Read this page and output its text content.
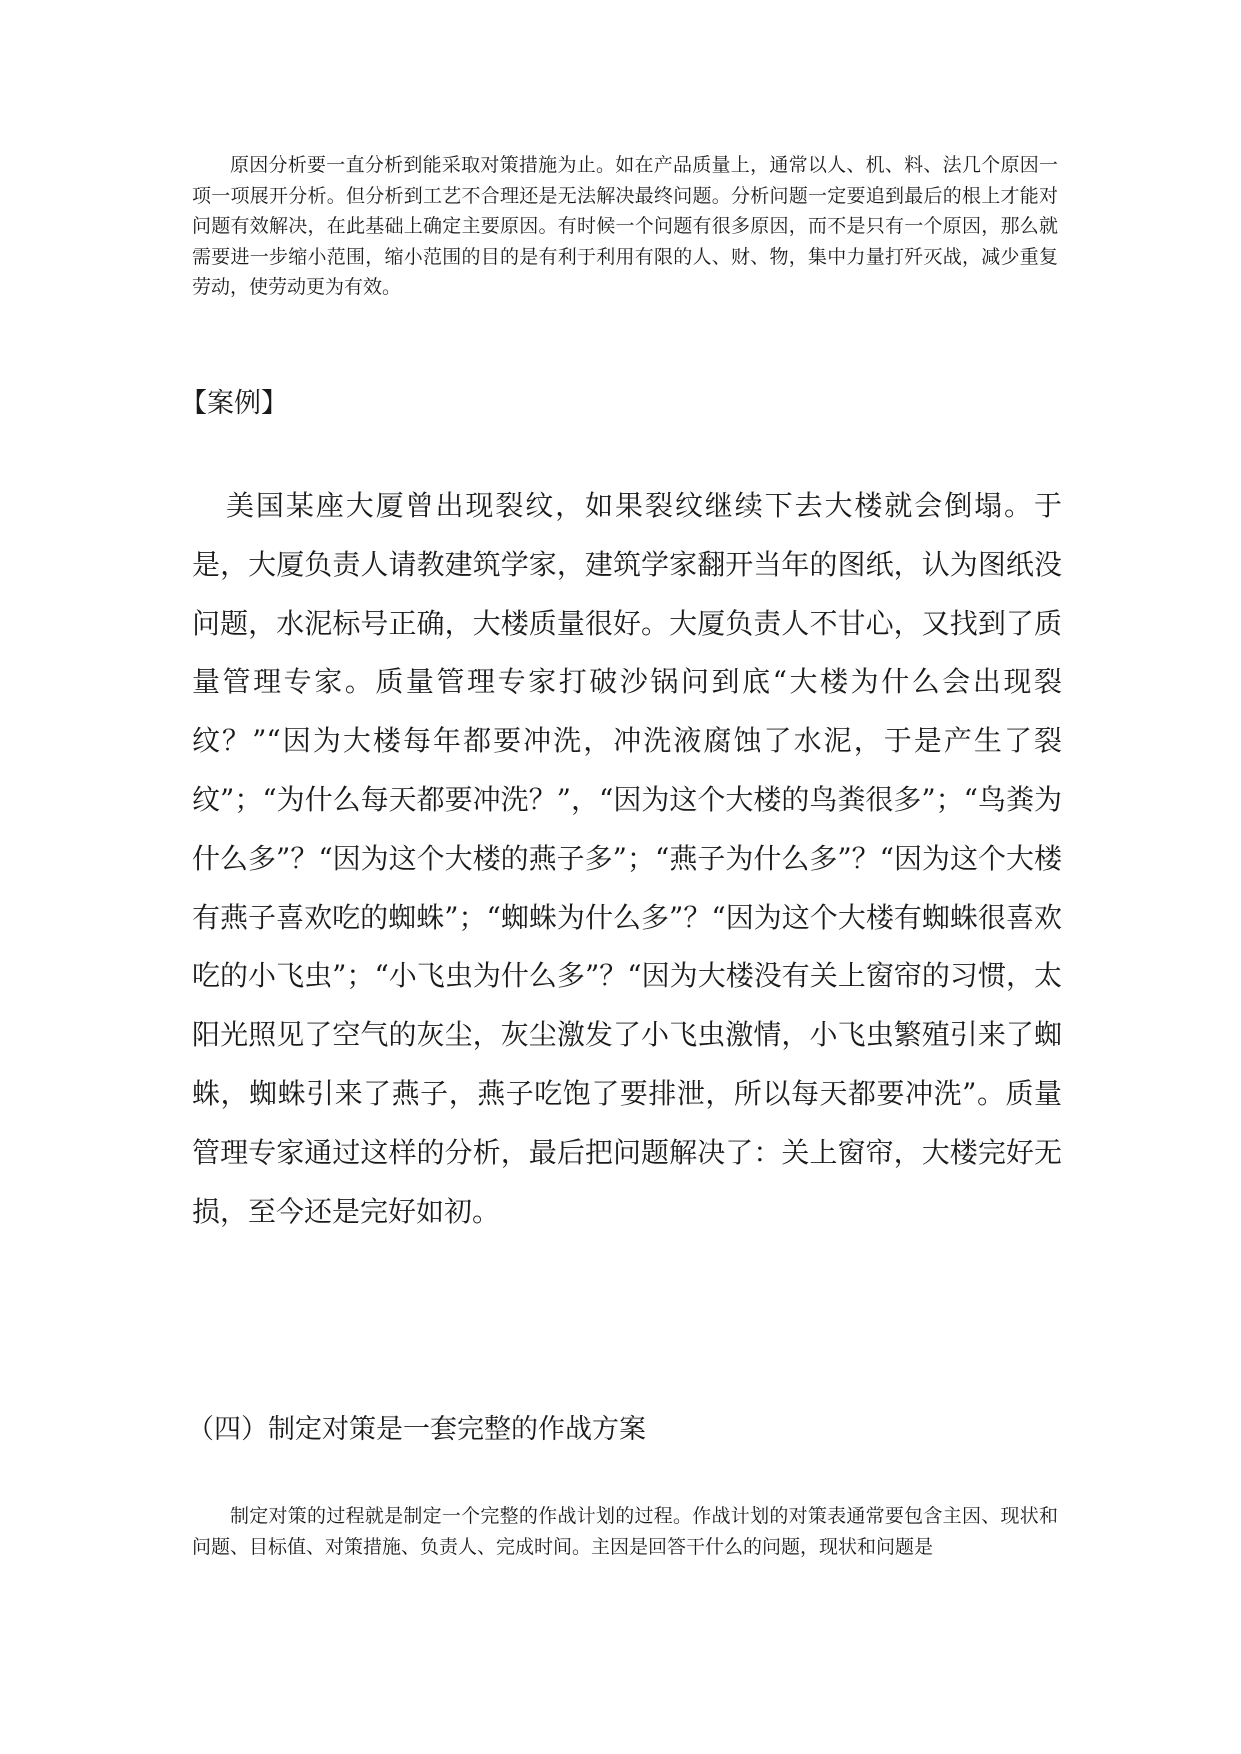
原因分析要一直分析到能采取对策措施为止。如在产品质量上，通常以人、机、料、法几个原因一项一项展开分析。但分析到工艺不合理还是无法解决最终问题。分析问题一定要追到最后的根上才能对问题有效解决，在此基础上确定主要原因。有时候一个问题有很多原因，而不是只有一个原因，那么就需要进一步缩小范围，缩小范围的目的是有利于利用有限的人、财、物，集中力量打歼灭战，减少重复劳动，使劳动更为有效。

【案例】

美国某座大厦曾出现裂纹，如果裂纹继续下去大楼就会倒塌。于是，大厦负责人请教建筑学家，建筑学家翻开当年的图纸，认为图纸没问题，水泥标号正确，大楼质量很好。大厦负责人不甘心，又找到了质量管理专家。质量管理专家打破沙锅问到底“大楼为什么会出现裂纹？”“因为大楼每年都要冲洗，冲洗液腐蚀了水泥，于是产生了裂纹”；“为什么每天都要冲洗？”，“因为这个大楼的鸟粪很多”；“鸟粪为什么多”？“因为这个大楼的燕子多”；“燕子为什么多”？“因为这个大楼有燕子喜欢吃的蜘蛛”；“蜘蛛为什么多”？“因为这个大楼有蜘蛛很喜欢吃的小飞虫”；“小飞虫为什么多”？“因为大楼没有关上窗帘的习惯，太阳光照见了空气的灰尘，灰尘激发了小飞虫激情，小飞虫繁殖引来了蜘蛛，蜘蛛引来了燕子，燕子吃饱了要排泄，所以每天都要冲洗”。质量管理专家通过这样的分析，最后把问题解决了：关上窗帘，大楼完好无损，至今还是完好如初。

（四）制定对策是一套完整的作战方案

制定对策的过程就是制定一个完整的作战计划的过程。作战计划的对策表通常要包含主因、现状和问题、目标值、对策措施、负责人、完成时间。主因是回答干什么的问题，现状和问题是
